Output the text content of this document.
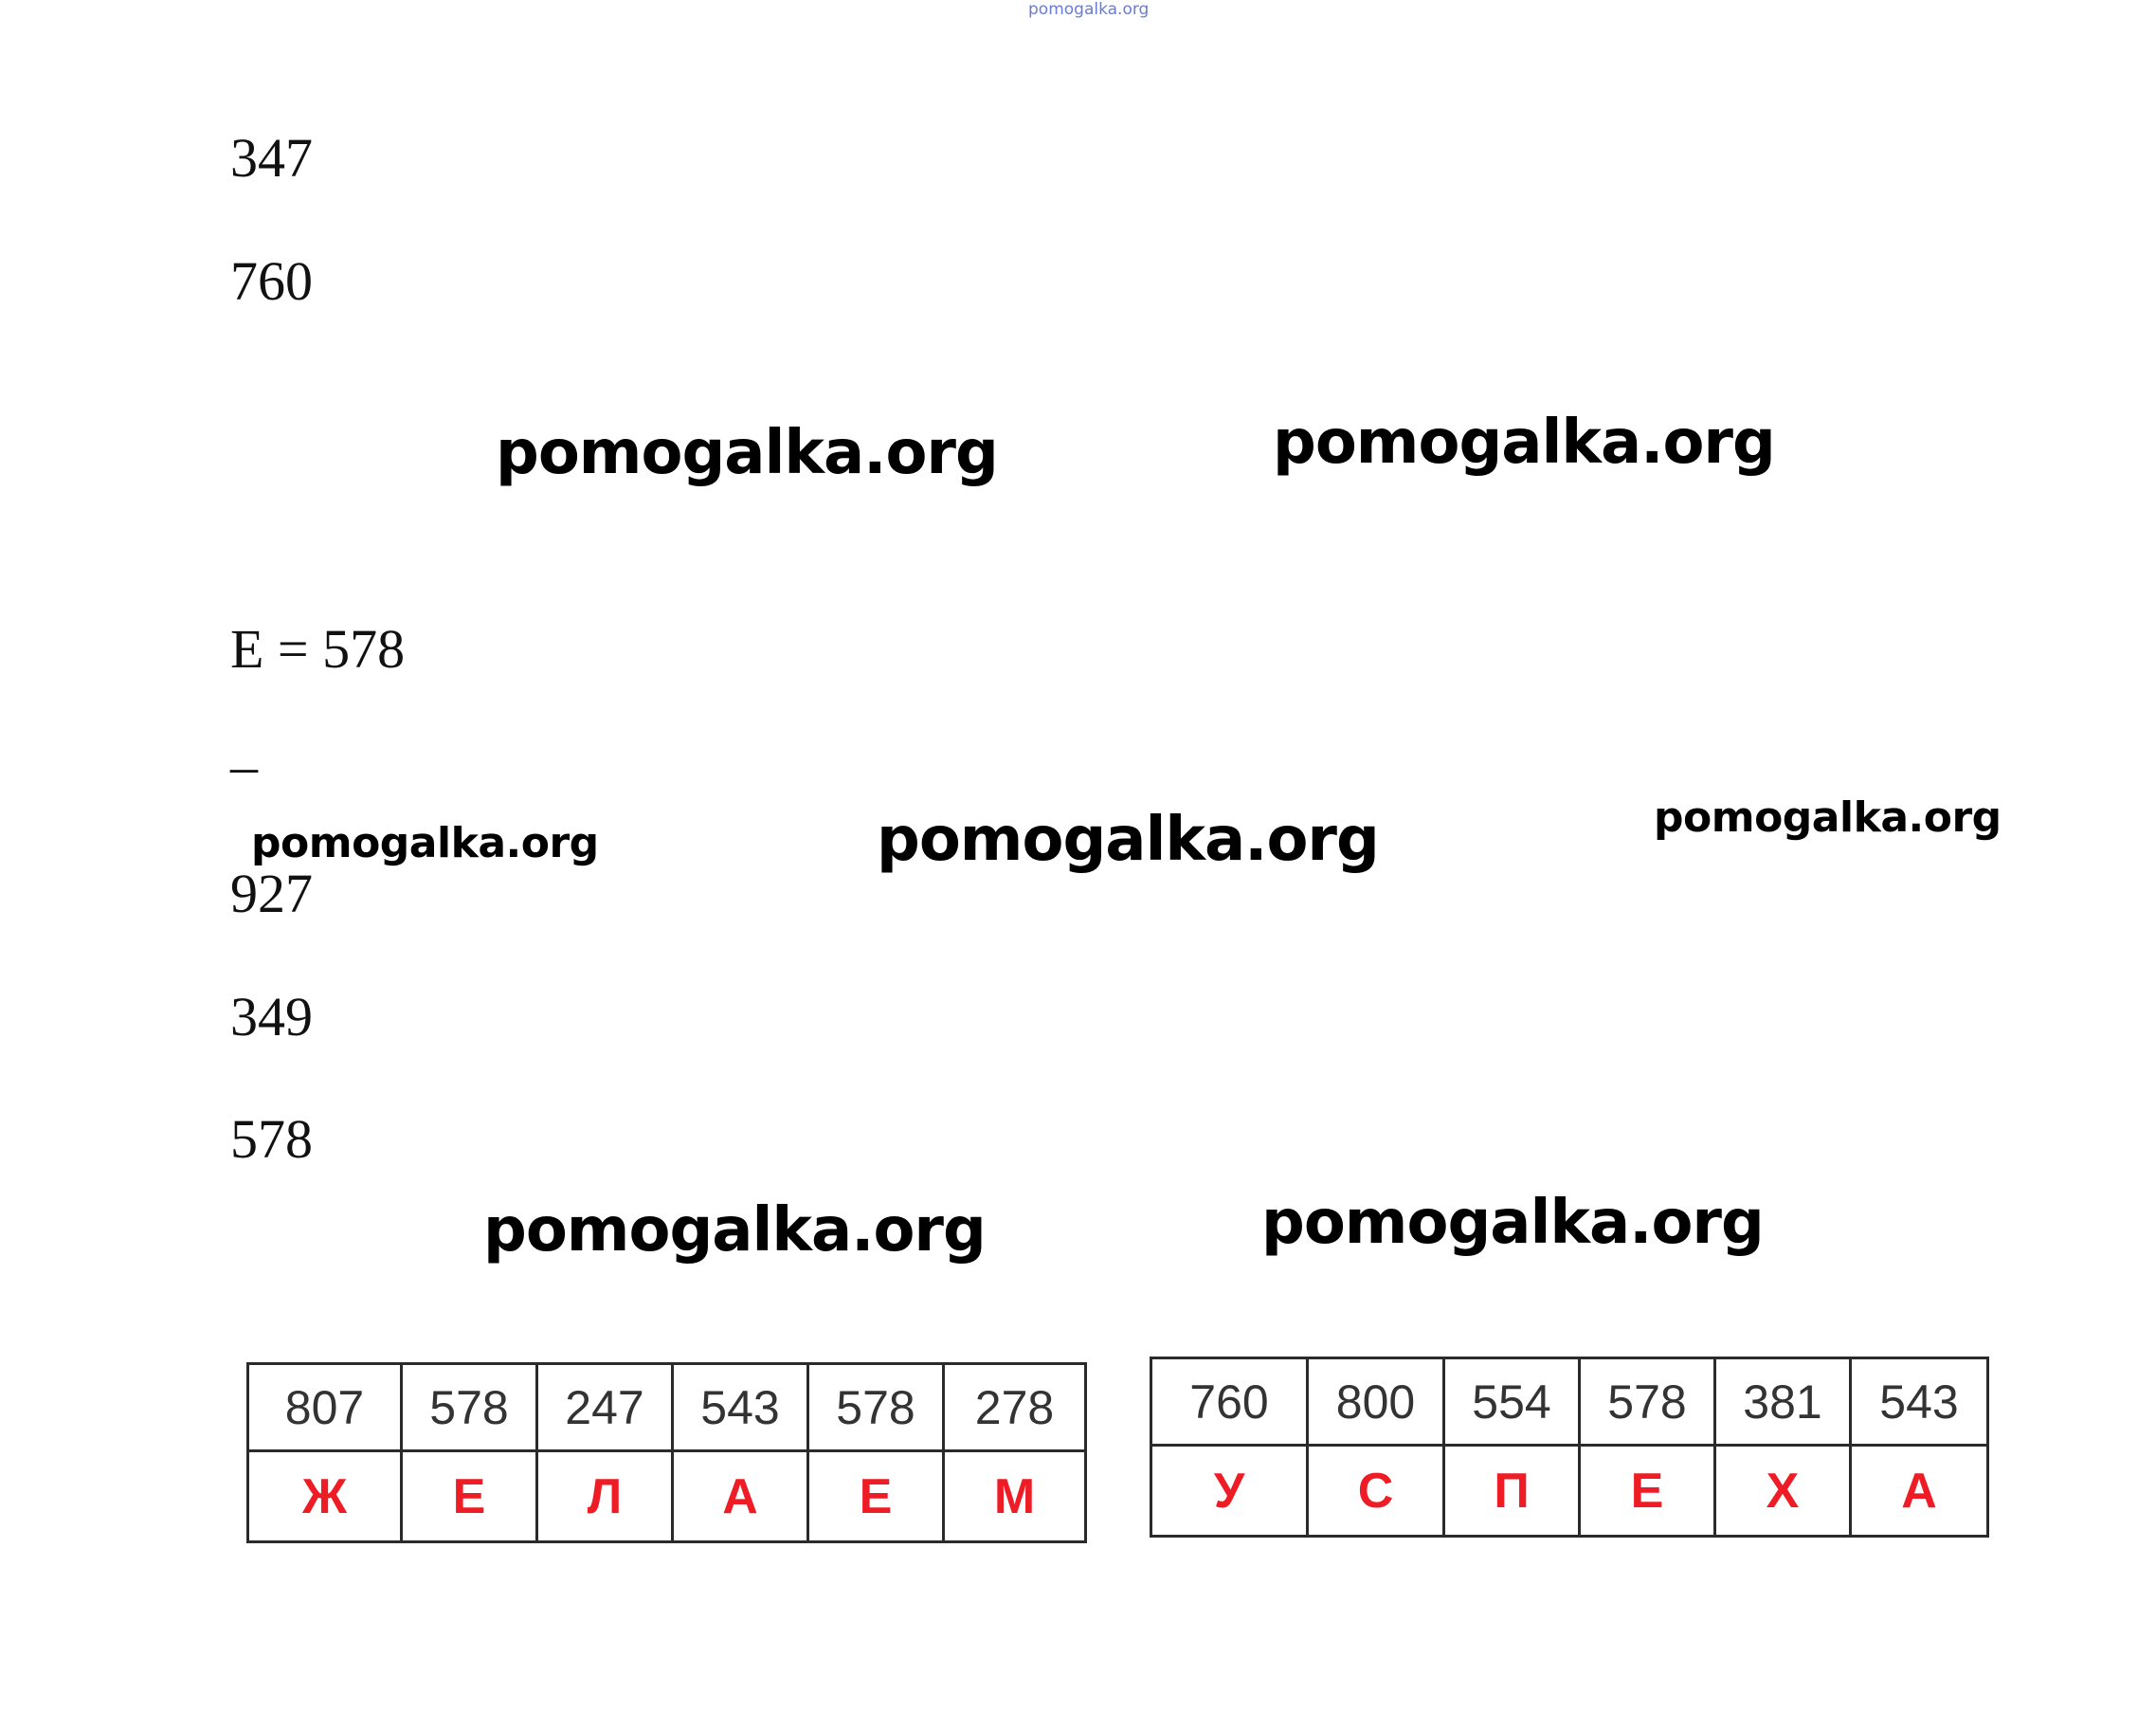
pomogalka.org
347
760
pomogalka.org	pomogalka.org
E = 578
–
pomogalka.org	pomogalka.org	pomogalka.org
927
349
578
pomogalka.org	pomogalka.org
807	578	247	543	578	278
Ж	Е	Л	А	Е	М
760	800	554	578	381	543
У	С	П	Е	Х	А
